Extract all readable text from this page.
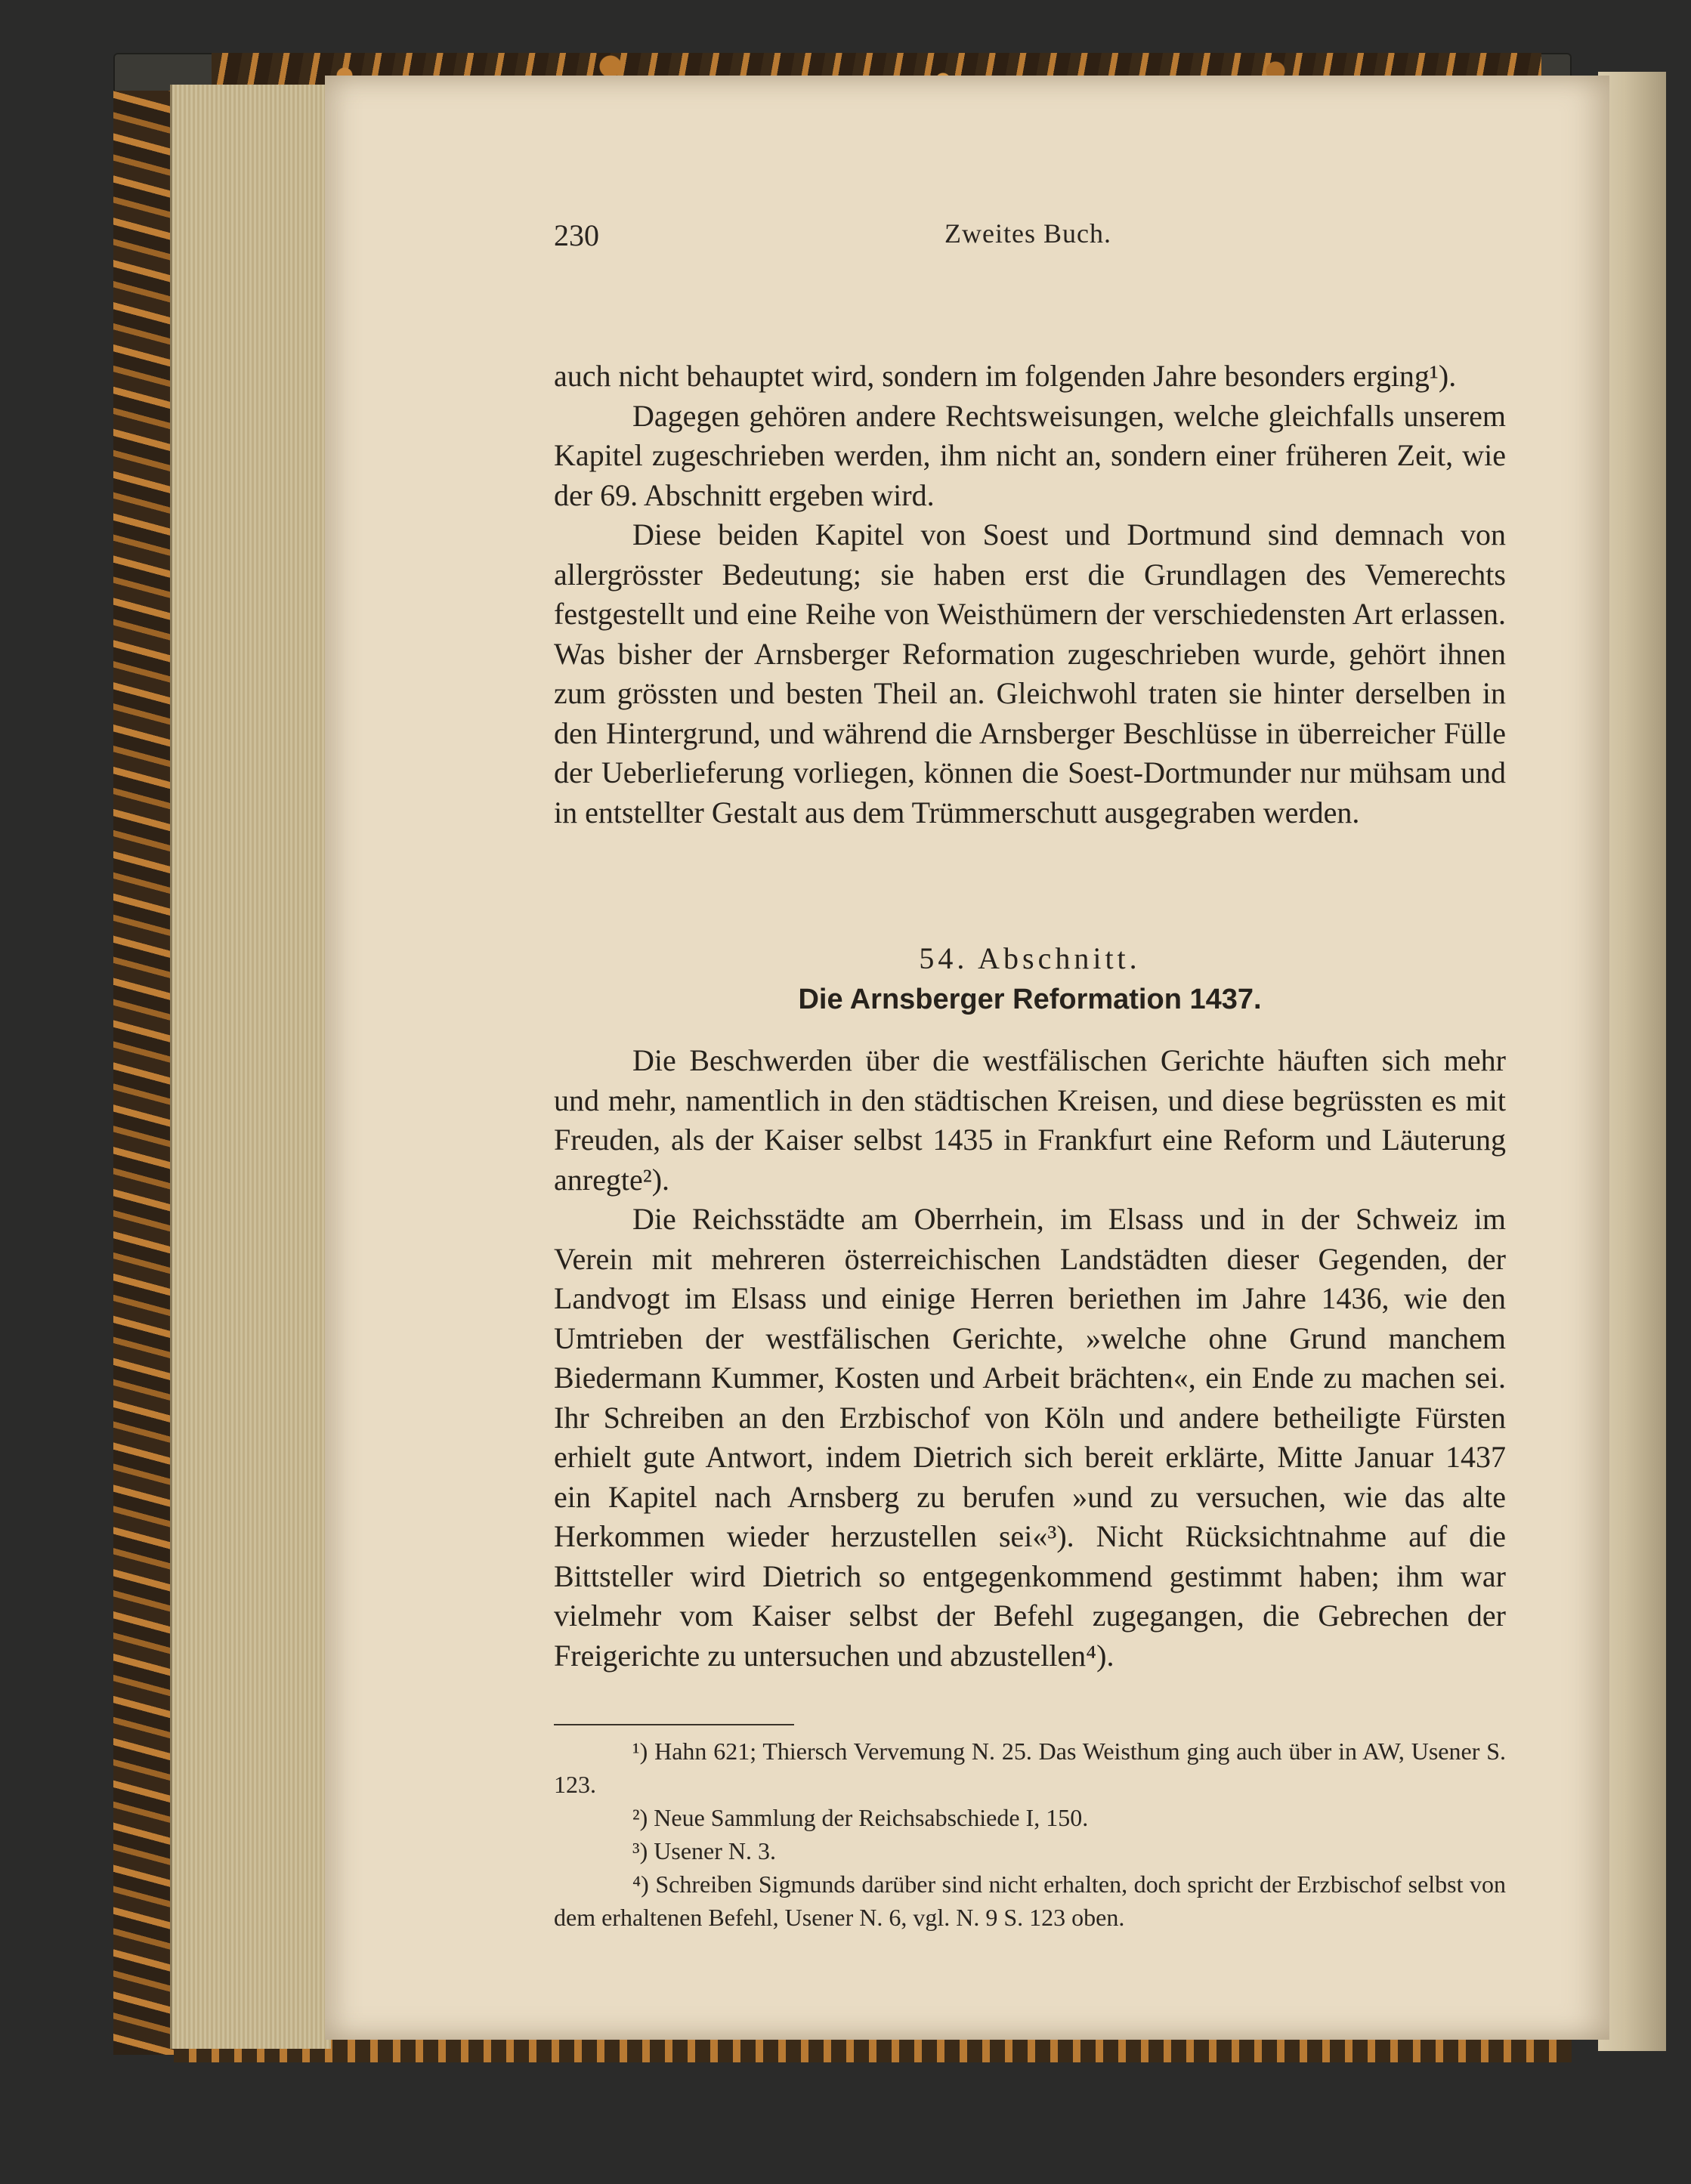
230	Zweites Buch.

auch nicht behauptet wird, sondern im folgenden Jahre besonders erging¹).

Dagegen gehören andere Rechtsweisungen, welche gleichfalls unserem Kapitel zugeschrieben werden, ihm nicht an, sondern einer früheren Zeit, wie der 69. Abschnitt ergeben wird.

Diese beiden Kapitel von Soest und Dortmund sind demnach von allergrösster Bedeutung; sie haben erst die Grundlagen des Vemerechts festgestellt und eine Reihe von Weisthümern der verschiedensten Art erlassen. Was bisher der Arnsberger Reformation zugeschrieben wurde, gehört ihnen zum grössten und besten Theil an. Gleichwohl traten sie hinter derselben in den Hintergrund, und während die Arnsberger Beschlüsse in überreicher Fülle der Ueberlieferung vorliegen, können die Soest-Dortmunder nur mühsam und in entstellter Gestalt aus dem Trümmerschutt ausgegraben werden.

54. Abschnitt.
Die Arnsberger Reformation 1437.

Die Beschwerden über die westfälischen Gerichte häuften sich mehr und mehr, namentlich in den städtischen Kreisen, und diese begrüssten es mit Freuden, als der Kaiser selbst 1435 in Frankfurt eine Reform und Läuterung anregte²).

Die Reichsstädte am Oberrhein, im Elsass und in der Schweiz im Verein mit mehreren österreichischen Landstädten dieser Gegenden, der Landvogt im Elsass und einige Herren beriethen im Jahre 1436, wie den Umtrieben der westfälischen Gerichte, »welche ohne Grund manchem Biedermann Kummer, Kosten und Arbeit brächten«, ein Ende zu machen sei. Ihr Schreiben an den Erzbischof von Köln und andere betheiligte Fürsten erhielt gute Antwort, indem Dietrich sich bereit erklärte, Mitte Januar 1437 ein Kapitel nach Arnsberg zu berufen »und zu versuchen, wie das alte Herkommen wieder herzustellen sei«³). Nicht Rücksichtnahme auf die Bittsteller wird Dietrich so entgegenkommend gestimmt haben; ihm war vielmehr vom Kaiser selbst der Befehl zugegangen, die Gebrechen der Freigerichte zu untersuchen und abzustellen⁴).

¹) Hahn 621; Thiersch Vervemung N. 25. Das Weisthum ging auch über in AW, Usener S. 123.

²) Neue Sammlung der Reichsabschiede I, 150.

³) Usener N. 3.

⁴) Schreiben Sigmunds darüber sind nicht erhalten, doch spricht der Erzbischof selbst von dem erhaltenen Befehl, Usener N. 6, vgl. N. 9 S. 123 oben.
